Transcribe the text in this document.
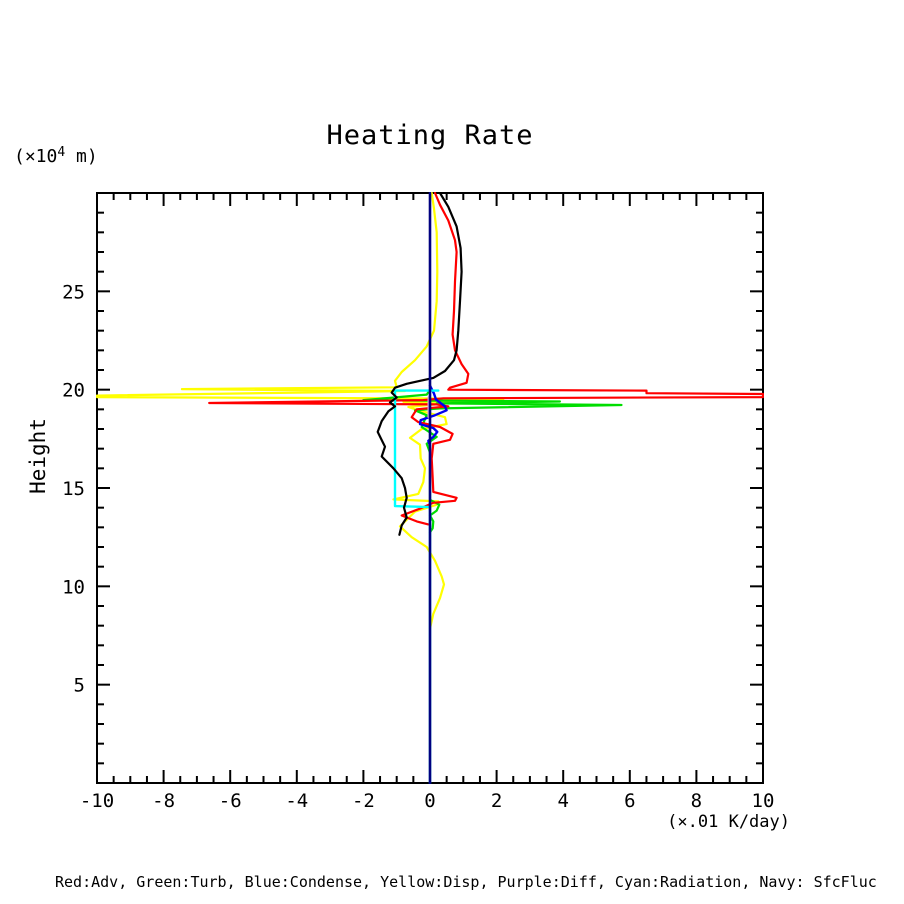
Heating Rate
($\times 10^4$ m)
Height
-10 -8 -6 -4 -2	0	2	4	6	8	10
5
10
15
20
25
(×.01 K/day)
Red:Adv, Green:Turb, Blue:Condense, Yellow:Disp, Purple:Diff, Cyan:Radiation, Navy: SfcFluc
